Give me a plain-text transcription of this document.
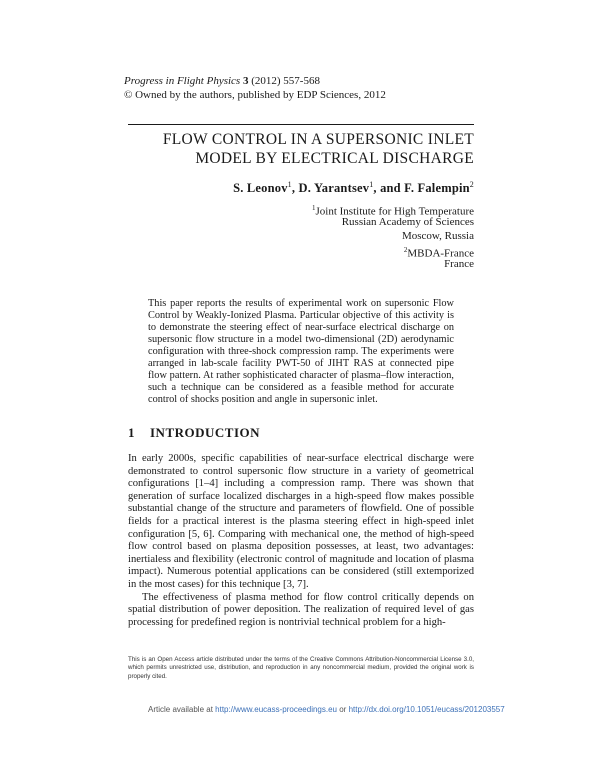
Progress in Flight Physics 3 (2012) 557-568
© Owned by the authors, published by EDP Sciences, 2012
FLOW CONTROL IN A SUPERSONIC INLET
MODEL BY ELECTRICAL DISCHARGE
S. Leonov$^1$, D. Yarantsev$^1$, and F. Falempin$^2$
$^1$Joint Institute for High Temperature
Russian Academy of Sciences
Moscow, Russia
$^2$MBDA-France
France
This paper reports the results of experimental work on supersonic Flow Control by Weakly-Ionized Plasma. Particular objective of this activity is to demonstrate the steering effect of near-surface electrical discharge on supersonic flow structure in a model two-dimensional (2D) aerodynamic configuration with three-shock compression ramp. The experiments were arranged in lab-scale facility PWT-50 of JIHT RAS at connected pipe flow pattern. At rather sophisticated character of plasma–flow interaction, such a technique can be considered as a feasible method for accurate control of shocks position and angle in supersonic inlet.
1 INTRODUCTION

In early 2000s, specific capabilities of near-surface electrical discharge were demonstrated to control supersonic flow structure in a variety of geometrical configurations [1–4] including a compression ramp. There was shown that generation of surface localized discharges in a high-speed flow makes possible substantial change of the structure and parameters of flowfield. One of possible fields for a practical interest is the plasma steering effect in high-speed inlet configuration [5, 6]. Comparing with mechanical one, the method of high-speed flow control based on plasma deposition possesses, at least, two advantages: inertialess and flexibility (electronic control of magnitude and location of plasma impact). Numerous potential applications can be considered (still extemporized in the most cases) for this technique [3, 7].

The effectiveness of plasma method for flow control critically depends on spatial distribution of power deposition. The realization of required level of gas processing for predefined region is nontrivial technical problem for a high-

This is an Open Access article distributed under the terms of the Creative Commons Attribution-Noncommercial License 3.0, which permits unrestricted use, distribution, and reproduction in any noncommercial medium, provided the original work is properly cited.
Article available at http://www.eucass-proceedings.eu or http://dx.doi.org/10.1051/eucass/201203557
